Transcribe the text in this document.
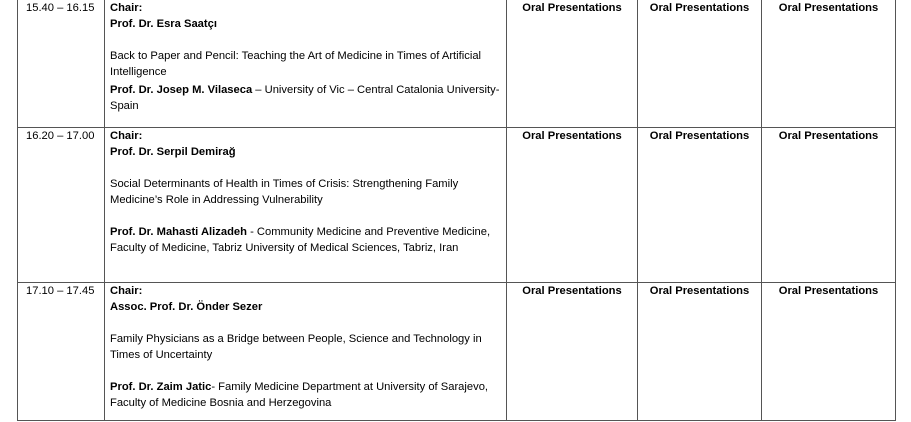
15.40 – 16.15	Chair:

Prof. Dr. Esra Saatçı

Back to Paper and Pencil: Teaching the Art of Medicine in Times of Artificial Intelligence

Prof. Dr. Josep M. Vilaseca – University of Vic – Central Catalonia University- Spain	Oral Presentations	Oral Presentations	Oral Presentations
16.20 – 17.00	Chair:

Prof. Dr. Serpil Demirağ

Social Determinants of Health in Times of Crisis: Strengthening Family Medicine’s Role in Addressing Vulnerability

Prof. Dr. Mahasti Alizadeh - Community Medicine and Preventive Medicine, Faculty of Medicine, Tabriz University of Medical Sciences, Tabriz, Iran	Oral Presentations	Oral Presentations	Oral Presentations
17.10 – 17.45	Chair:

Assoc. Prof. Dr. Önder Sezer

Family Physicians as a Bridge between People, Science and Technology in Times of Uncertainty

Prof. Dr. Zaim Jatic- Family Medicine Department at University of Sarajevo, Faculty of Medicine Bosnia and Herzegovina	Oral Presentations	Oral Presentations	Oral Presentations
